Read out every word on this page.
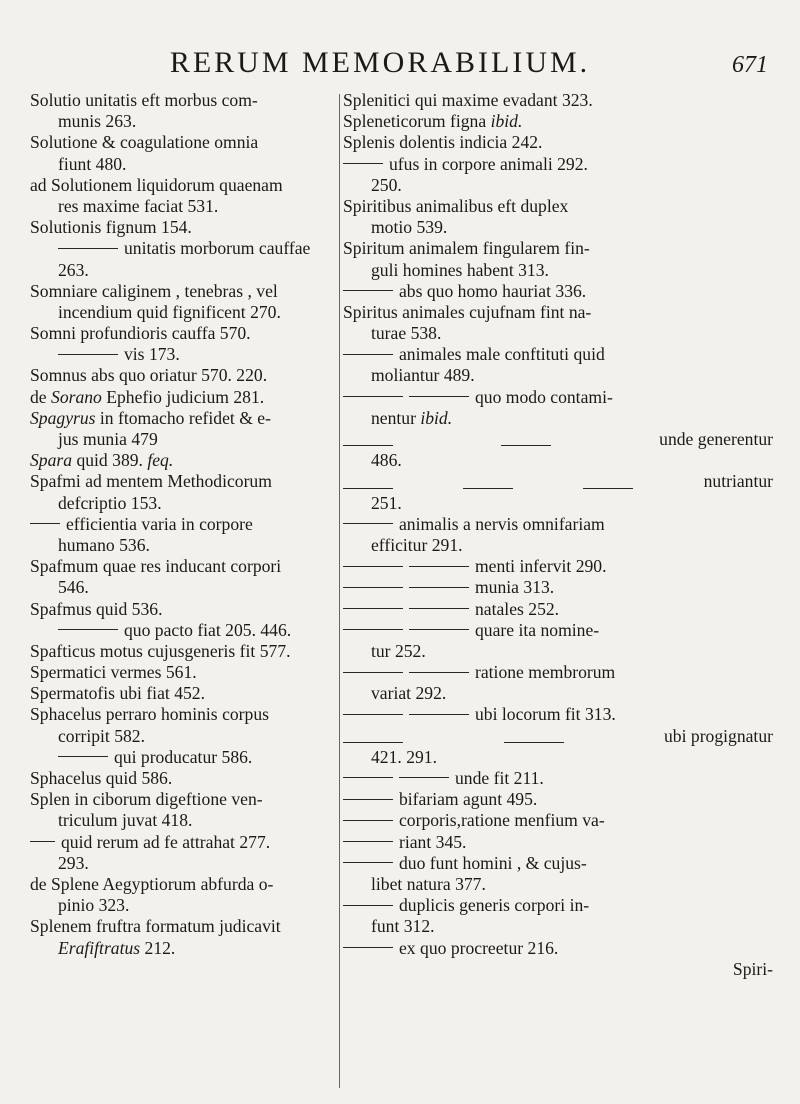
RERUM MEMORABILIUM.	671
Solutio unitatis eft morbus com-
munis 263.
Solutione & coagulatione omnia
fiunt 480.
ad Solutionem liquidorum quaenam
res maxime faciat 531.
Solutionis fignum 154.
unitatis morborum cauffae
263.
Somniare caliginem , tenebras , vel
incendium quid fignificent 270.
Somni profundioris cauffa 570.
vis 173.
Somnus abs quo oriatur 570. 220.
de Sorano Ephefio judicium 281.
Spagyrus in ftomacho refidet & e-
jus munia 479
Spara quid 389. feq.
Spafmi ad mentem Methodicorum
defcriptio 153.
efficientia varia in corpore
humano 536.
Spafmum quae res inducant corpori
546.
Spafmus quid 536.
quo pacto fiat 205. 446.
Spafticus motus cujusgeneris fit 577.
Spermatici vermes 561.
Spermatofis ubi fiat 452.
Sphacelus perraro hominis corpus
corripit 582.
qui producatur 586.
Sphacelus quid 586.
Splen in ciborum digeftione ven-
triculum juvat 418.
quid rerum ad fe attrahat 277.
293.
de Splene Aegyptiorum abfurda o-
pinio 323.
Splenem fruftra formatum judicavit
Erafiftratus 212.
Splenitici qui maxime evadant 323.
Spleneticorum figna ibid.
Splenis dolentis indicia 242.
ufus in corpore animali 292.
250.
Spiritibus animalibus eft duplex
motio 539.
Spiritum animalem fingularem fin-
guli homines habent 313.
abs quo homo hauriat 336.
Spiritus animales cujufnam fint na-
turae 538.
animales male conftituti quid
moliantur 489.
quo modo contami-
nentur ibid.
unde generentur
486.
nutriantur
251.
animalis a nervis omnifariam
efficitur 291.
menti infervit 290.
munia 313.
natales 252.
quare ita nomine-
tur 252.
ratione membrorum
variat 292.
ubi locorum fit 313.
ubi progignatur
421. 291.
unde fit 211.
bifariam agunt 495.
corporis,ratione menfium va-
riant 345.
duo funt homini , & cujus-
libet natura 377.
duplicis generis corpori in-
funt 312.
ex quo procreetur 216.
Spiri-
